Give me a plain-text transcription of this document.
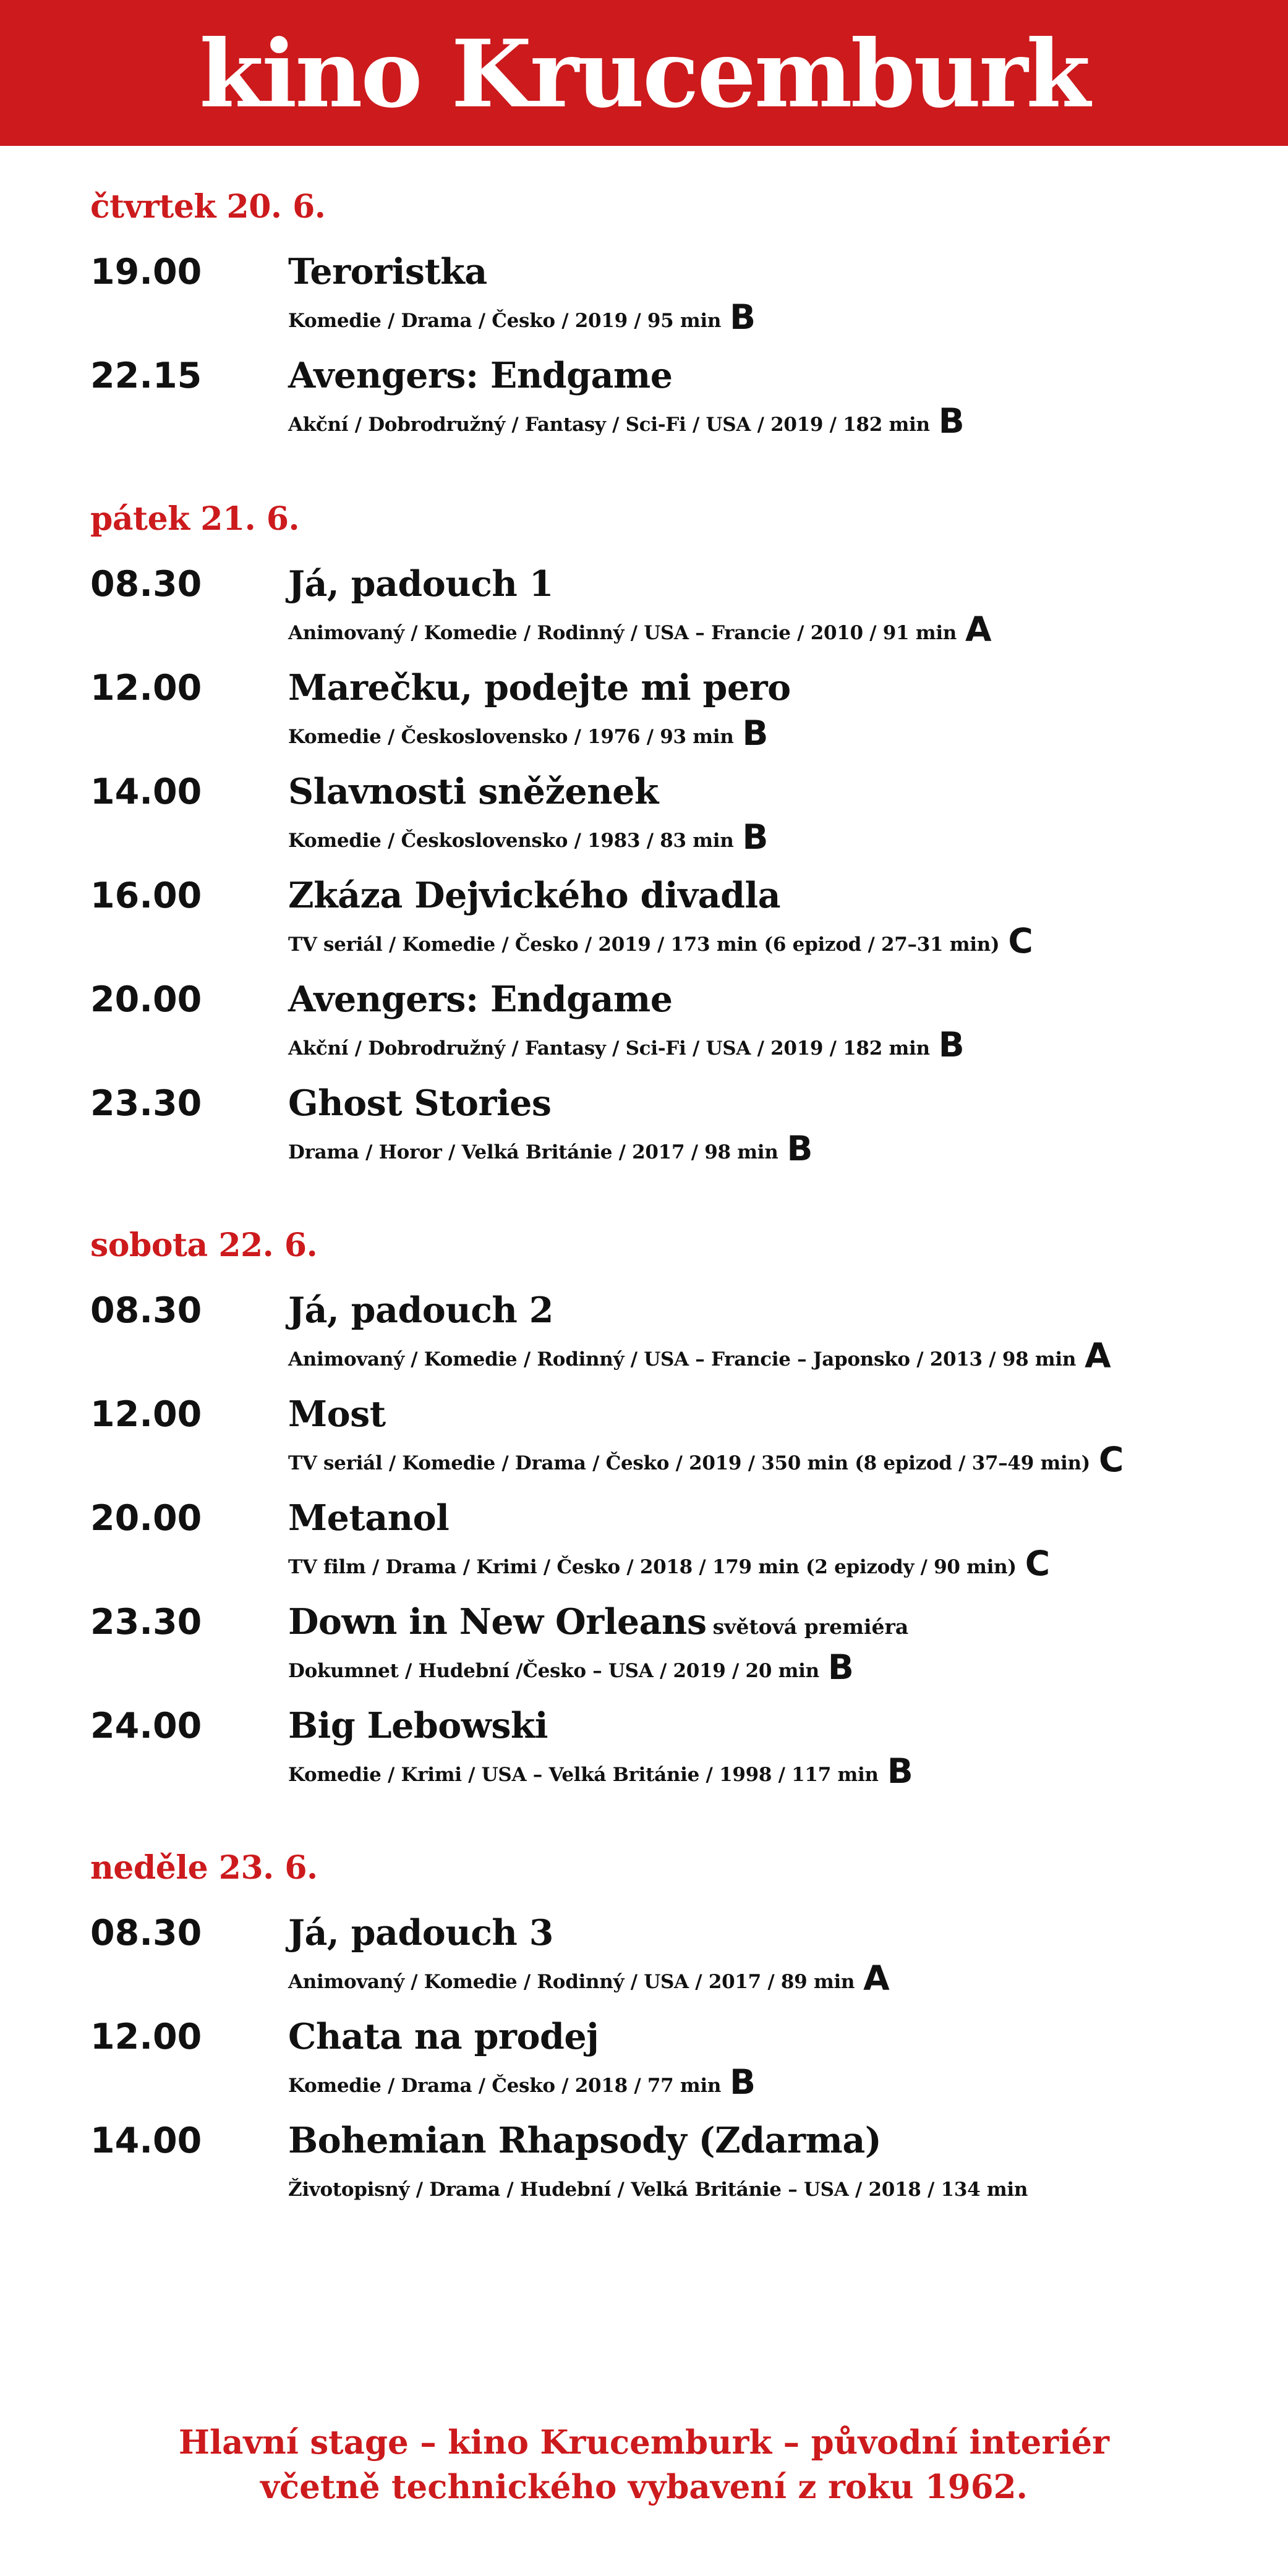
kino Krucemburk
čtvrtek 20. 6.
19.00 Teroristka
Komedie / Drama / Česko / 2019 / 95 min B
22.15 Avengers: Endgame
Akční / Dobrodružný / Fantasy / Sci-Fi / USA / 2019 / 182 min B
pátek 21. 6.
08.30 Já, padouch 1
Animovaný / Komedie / Rodinný / USA – Francie / 2010 / 91 min A
12.00 Marečku, podejte mi pero
Komedie / Československo / 1976 / 93 min B
14.00 Slavnosti sněženek
Komedie / Československo / 1983 / 83 min B
16.00 Zkáza Dejvického divadla
TV seriál / Komedie / Česko / 2019 / 173 min (6 epizod / 27–31 min) C
20.00 Avengers: Endgame
Akční / Dobrodružný / Fantasy / Sci-Fi / USA / 2019 / 182 min B
23.30 Ghost Stories
Drama / Horor / Velká Británie / 2017 / 98 min B
sobota 22. 6.
08.30 Já, padouch 2
Animovaný / Komedie / Rodinný / USA – Francie – Japonsko / 2013 / 98 min A
12.00 Most
TV seriál / Komedie / Drama / Česko / 2019 / 350 min (8 epizod / 37–49 min) C
20.00 Metanol
TV film / Drama / Krimi / Česko / 2018 / 179 min (2 epizody / 90 min) C
23.30 Down in New Orleans světová premiéra
Dokumnet / Hudební /Česko – USA / 2019 / 20 min B
24.00 Big Lebowski
Komedie / Krimi / USA – Velká Británie / 1998 / 117 min B
neděle 23. 6.
08.30 Já, padouch 3
Animovaný / Komedie / Rodinný / USA / 2017 / 89 min A
12.00 Chata na prodej
Komedie / Drama / Česko / 2018 / 77 min B
14.00 Bohemian Rhapsody (Zdarma)
Životopisný / Drama / Hudební / Velká Británie – USA / 2018 / 134 min
Hlavní stage – kino Krucemburk – původní interiér
včetně technického vybavení z roku 1962.
